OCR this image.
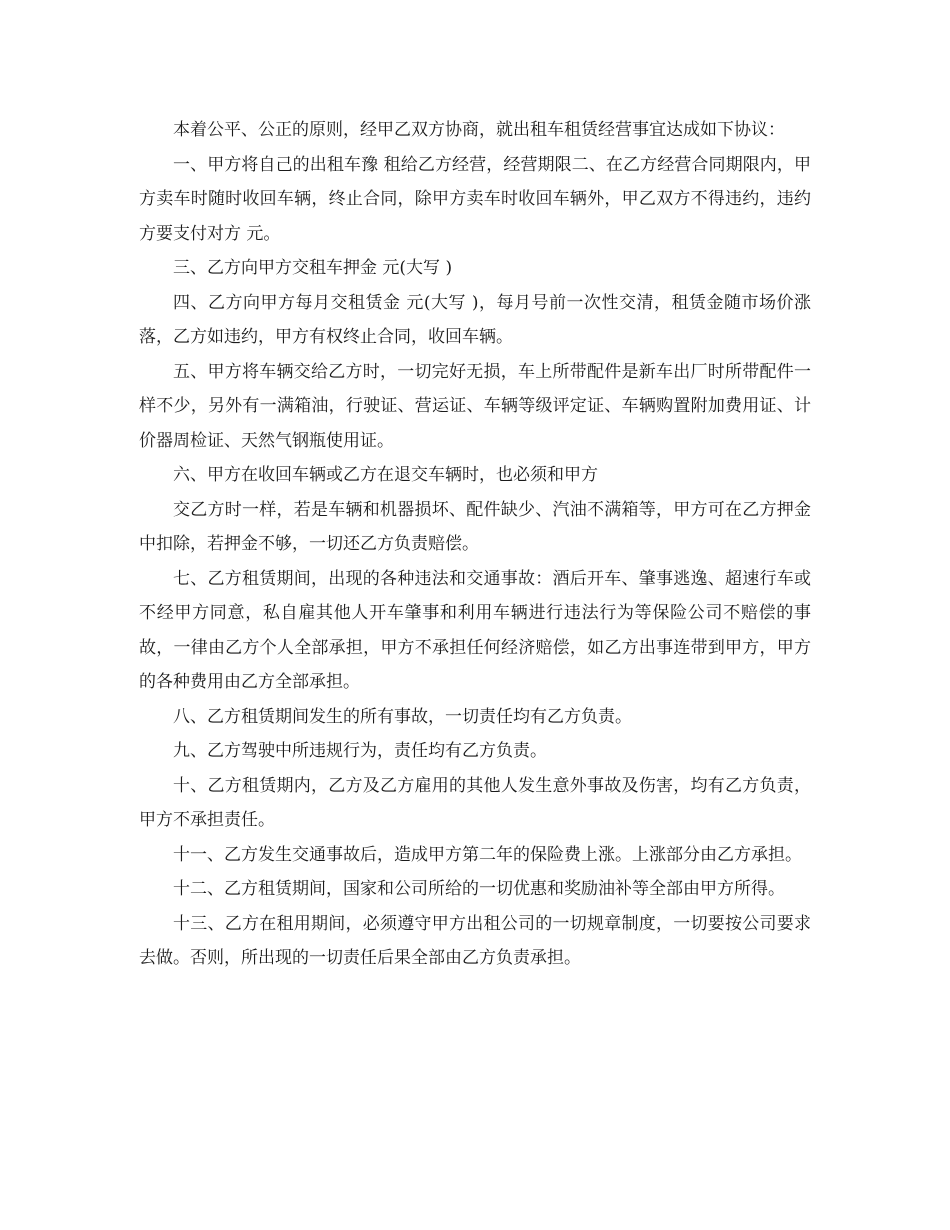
本着公平、公正的原则，经甲乙双方协商，就出租车租赁经营事宜达成如下协议：

一、甲方将自己的出租车豫 租给乙方经营，经营期限二、在乙方经营合同期限内，甲方卖车时随时收回车辆，终止合同，除甲方卖车时收回车辆外，甲乙双方不得违约，违约方要支付对方 元。

三、乙方向甲方交租车押金 元(大写 )

四、乙方向甲方每月交租赁金 元(大写 )，每月号前一次性交清，租赁金随市场价涨落，乙方如违约，甲方有权终止合同，收回车辆。

五、甲方将车辆交给乙方时，一切完好无损，车上所带配件是新车出厂时所带配件一样不少，另外有一满箱油，行驶证、营运证、车辆等级评定证、车辆购置附加费用证、计价器周检证、天然气钢瓶使用证。

六、甲方在收回车辆或乙方在退交车辆时，也必须和甲方

交乙方时一样，若是车辆和机器损坏、配件缺少、汽油不满箱等，甲方可在乙方押金中扣除，若押金不够，一切还乙方负责赔偿。

七、乙方租赁期间，出现的各种违法和交通事故：酒后开车、肇事逃逸、超速行车或不经甲方同意，私自雇其他人开车肇事和利用车辆进行违法行为等保险公司不赔偿的事故，一律由乙方个人全部承担，甲方不承担任何经济赔偿，如乙方出事连带到甲方，甲方的各种费用由乙方全部承担。

八、乙方租赁期间发生的所有事故，一切责任均有乙方负责。

九、乙方驾驶中所违规行为，责任均有乙方负责。

十、乙方租赁期内，乙方及乙方雇用的其他人发生意外事故及伤害，均有乙方负责，甲方不承担责任。

十一、乙方发生交通事故后，造成甲方第二年的保险费上涨。上涨部分由乙方承担。

十二、乙方租赁期间，国家和公司所给的一切优惠和奖励油补等全部由甲方所得。

十三、乙方在租用期间，必须遵守甲方出租公司的一切规章制度，一切要按公司要求去做。否则，所出现的一切责任后果全部由乙方负责承担。
